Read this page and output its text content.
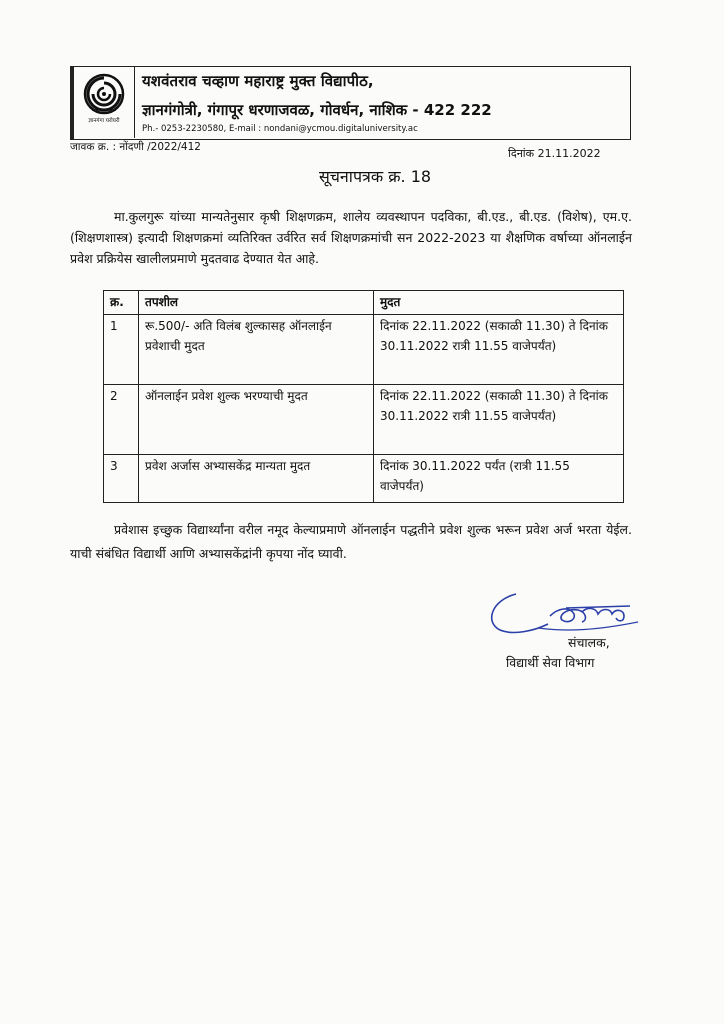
ज्ञानगंगा घरोघरी
यशवंतराव चव्हाण महाराष्ट्र मुक्त विद्यापीठ,
ज्ञानगंगोत्री, गंगापूर धरणाजवळ, गोवर्धन, नाशिक - 422 222
Ph.- 0253-2230580, E-mail : nondani@ycmou.digitaluniversity.ac
जावक क्र. : नोंदणी /2022/412	दिनांक 21.11.2022
सूचनापत्रक क्र. 18
मा.कुलगुरू यांच्या मान्यतेनुसार कृषी शिक्षणक्रम, शालेय व्यवस्थापन पदविका, बी.एड., बी.एड. (विशेष), एम.ए. (शिक्षणशास्त्र) इत्यादी शिक्षणक्रमां व्यतिरिक्त उर्वरित सर्व शिक्षणक्रमांची सन 2022-2023 या शैक्षणिक वर्षाच्या ऑनलाईन प्रवेश प्रक्रियेस खालीलप्रमाणे मुदतवाढ देण्यात येत आहे.
क्र.	तपशील	मुदत
1	रू.500/- अति विलंब शुल्कासह ऑनलाईन प्रवेशाची मुदत	दिनांक 22.11.2022 (सकाळी 11.30) ते दिनांक 30.11.2022 रात्री 11.55 वाजेपर्यंत)
2	ऑनलाईन प्रवेश शुल्क भरण्याची मुदत	दिनांक 22.11.2022 (सकाळी 11.30) ते दिनांक 30.11.2022 रात्री 11.55 वाजेपर्यंत)
3	प्रवेश अर्जास अभ्यासकेंद्र मान्यता मुदत	दिनांक 30.11.2022 पर्यंत (रात्री 11.55 वाजेपर्यंत)
प्रवेशास इच्छुक विद्यार्थ्यांना वरील नमूद केल्याप्रमाणे ऑनलाईन पद्धतीने प्रवेश शुल्क भरून प्रवेश अर्ज भरता येईल. याची संबंधित विद्यार्थी आणि अभ्यासकेंद्रांनी कृपया नोंद घ्यावी.
संचालक,
विद्यार्थी सेवा विभाग
